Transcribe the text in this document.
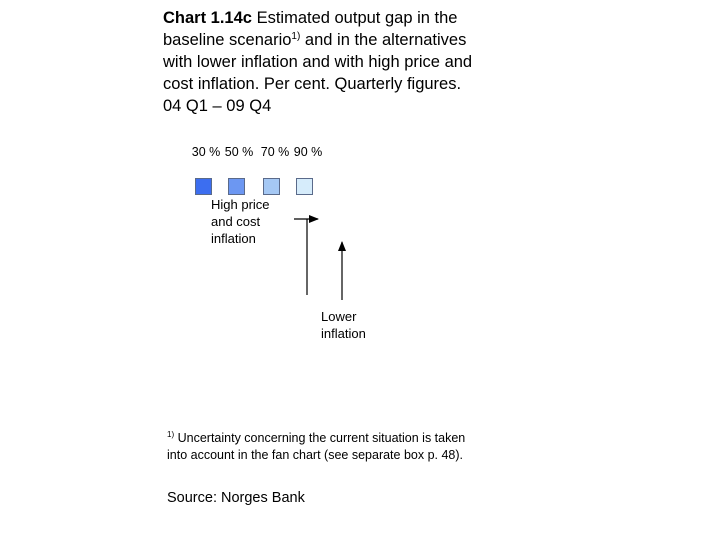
Chart 1.14c Estimated output gap in the baseline scenario$^{1)}$ and in the alternatives with lower inflation and with high price and cost inflation. Per cent. Quarterly figures.
04 Q1 – 09 Q4
30 % 50 % 70 % 90 %
High price
and cost
inflation
Lower
inflation
$^{1)}$ Uncertainty concerning the current situation is taken into account in the fan chart (see separate box p. 48).
Source: Norges Bank
